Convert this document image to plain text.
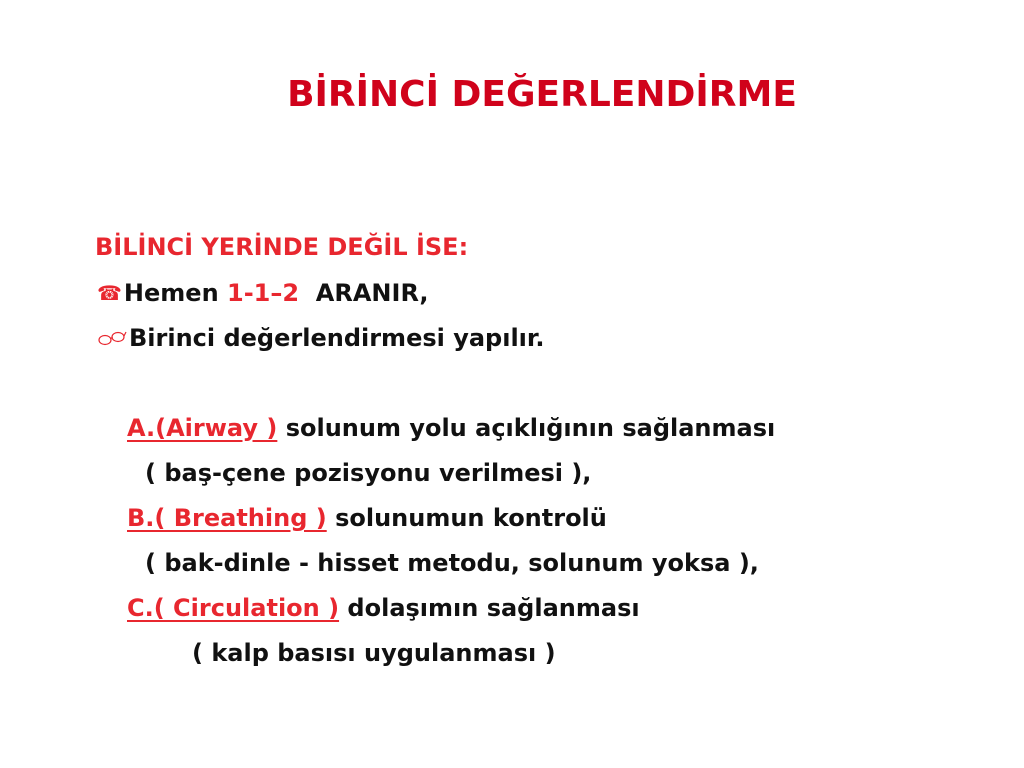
BİRİNCİ DEĞERLENDİRME
BİLİNCİ YERİNDE DEĞİL İSE:
☎Hemen 1-1–2 ARANIR,
Birinci değerlendirmesi yapılır.
A.(Airway ) solunum yolu açıklığının sağlanması
( baş-çene pozisyonu verilmesi ),
B.( Breathing ) solunumun kontrolü
( bak-dinle - hisset metodu, solunum yoksa ),
C.( Circulation ) dolaşımın sağlanması
( kalp basısı uygulanması )
